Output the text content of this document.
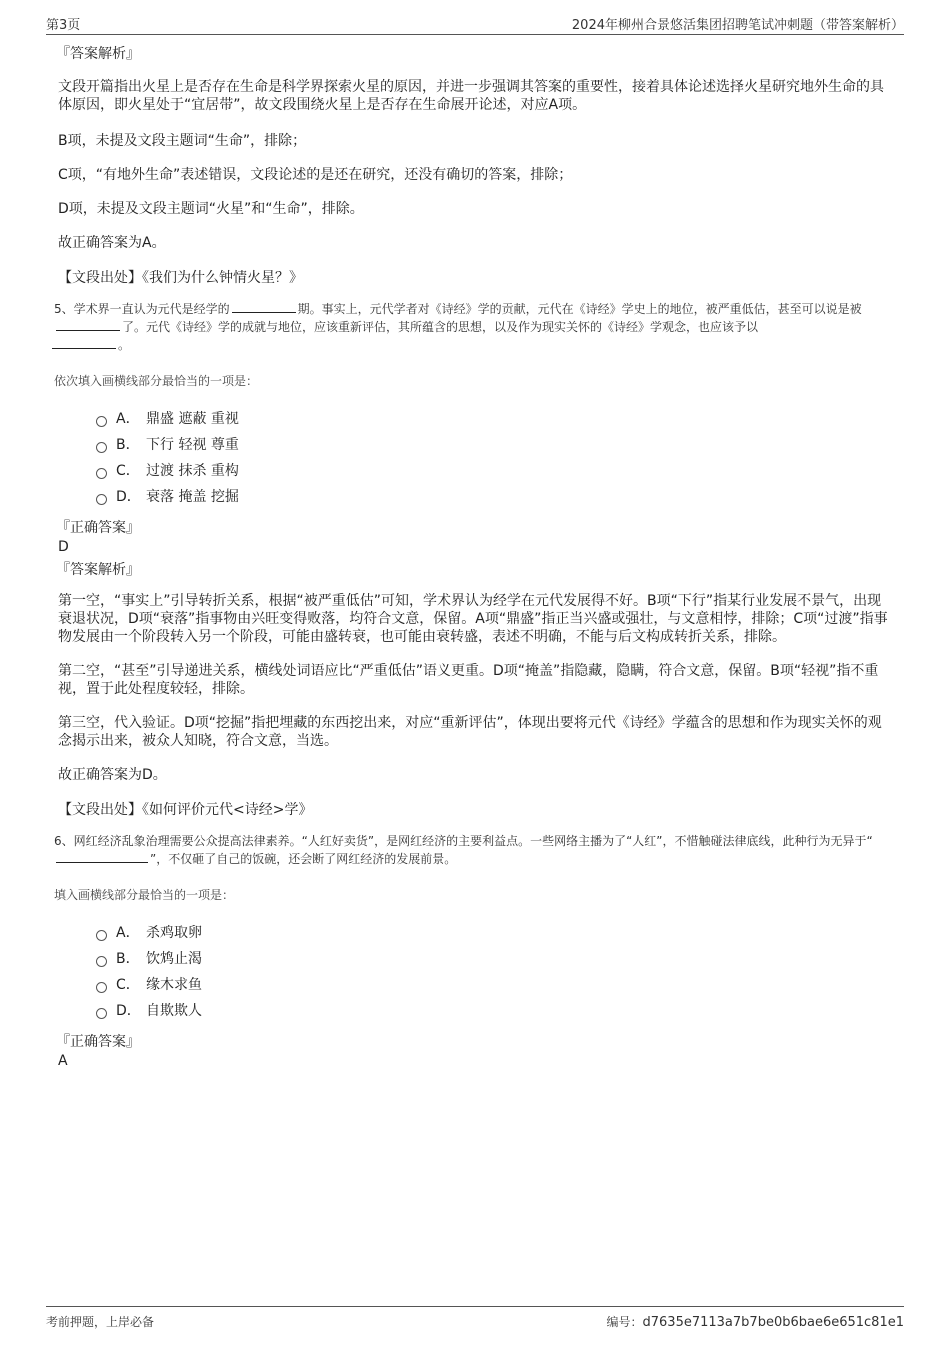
第3页	2024年柳州合景悠活集团招聘笔试冲刺题（带答案解析）
『答案解析』

文段开篇指出火星上是否存在生命是科学界探索火星的原因，并进一步强调其答案的重要性，接着具体论述选择火星研究地外生命的具体原因，即火星处于“宜居带”，故文段围绕火星上是否存在生命展开论述，对应A项。

B项，未提及文段主题词“生命”，排除；

C项，“有地外生命”表述错误，文段论述的是还在研究，还没有确切的答案，排除；

D项，未提及文段主题词“火星”和“生命”，排除。

故正确答案为A。

【文段出处】《我们为什么钟情火星？》

5、学术界一直认为元代是经学的	期。事实上，元代学者对《诗经》学的贡献，元代在《诗经》学史上的地位，被严重低估，甚至可以说是被了。元代《诗经》学的成就与地位，应该重新评估，其所蕴含的思想，以及作为现实关怀的《诗经》学观念，也应该予以
。

依次填入画横线部分最恰当的一项是：

A． 鼎盛 遮蔽 重视
B． 下行 轻视 尊重
C． 过渡 抹杀 重构
D． 衰落 掩盖 挖掘
『正确答案』
D
『答案解析』

第一空，“事实上”引导转折关系，根据“被严重低估”可知，学术界认为经学在元代发展得不好。B项“下行”指某行业发展不景气，出现衰退状况，D项“衰落”指事物由兴旺变得败落，均符合文意，保留。A项“鼎盛”指正当兴盛或强壮，与文意相悖，排除；C项“过渡”指事物发展由一个阶段转入另一个阶段，可能由盛转衰，也可能由衰转盛，表述不明确，不能与后文构成转折关系，排除。

第二空，“甚至”引导递进关系，横线处词语应比“严重低估”语义更重。D项“掩盖”指隐藏，隐瞒，符合文意，保留。B项“轻视”指不重视，置于此处程度较轻，排除。

第三空，代入验证。D项“挖掘”指把埋藏的东西挖出来，对应“重新评估”，体现出要将元代《诗经》学蕴含的思想和作为现实关怀的观念揭示出来，被众人知晓，符合文意，当选。

故正确答案为D。

【文段出处】《如何评价元代<诗经>学》

6、网红经济乱象治理需要公众提高法律素养。“人红好卖货”，是网红经济的主要利益点。一些网络主播为了“人红”，不惜触碰法律底线，此种行为无异于“”，不仅砸了自己的饭碗，还会断了网红经济的发展前景。

填入画横线部分最恰当的一项是：

A． 杀鸡取卵
B． 饮鸩止渴
C． 缘木求鱼
D． 自欺欺人
『正确答案』
A
考前押题，上岸必备	编号：d7635e7113a7b7be0b6bae6e651c81e1
